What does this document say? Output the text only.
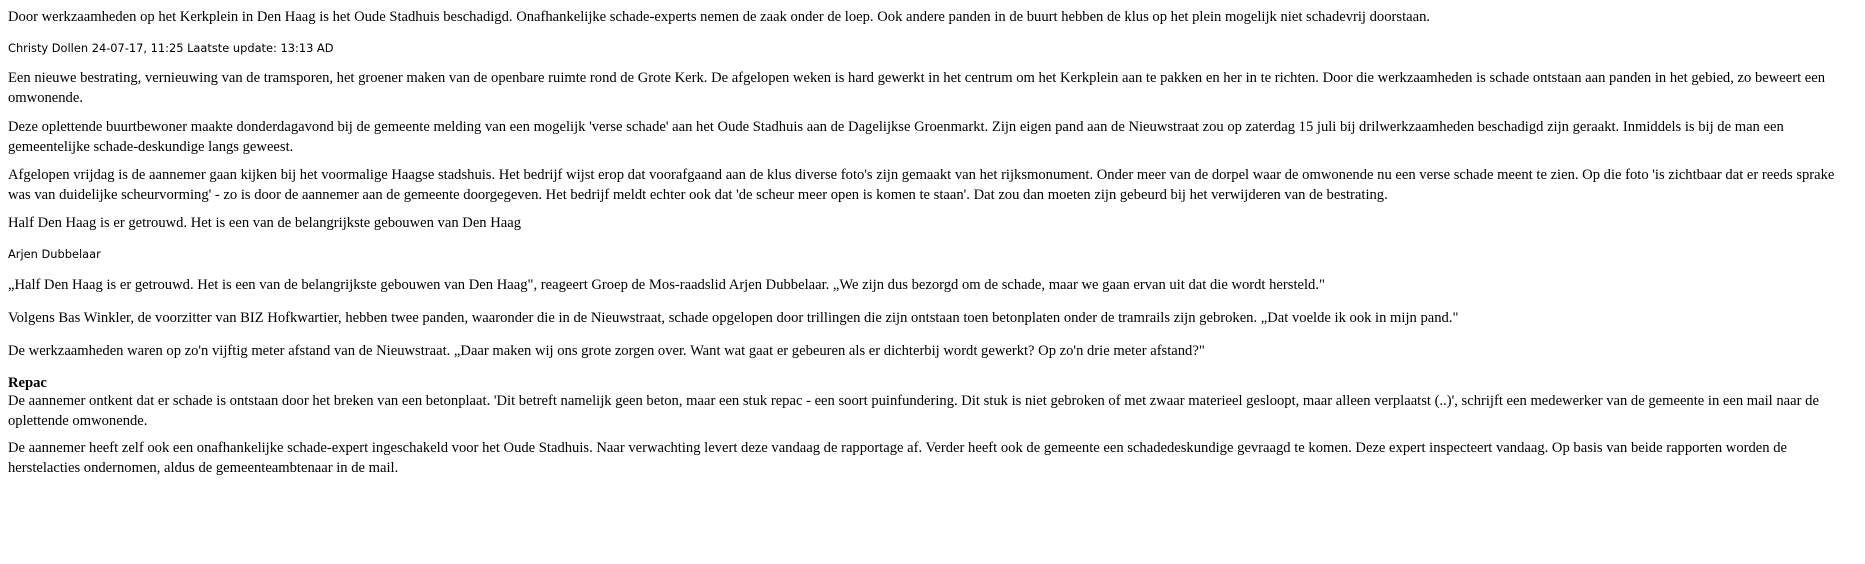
Door werkzaamheden op het Kerkplein in Den Haag is het Oude Stadhuis beschadigd. Onafhankelijke schade-experts nemen de zaak onder de loep. Ook andere panden in de buurt hebben de klus op het plein mogelijk niet schadevrij doorstaan.
Christy Dollen 24-07-17, 11:25 Laatste update: 13:13 AD
Een nieuwe bestrating, vernieuwing van de tramsporen, het groener maken van de openbare ruimte rond de Grote Kerk. De afgelopen weken is hard gewerkt in het centrum om het Kerkplein aan te pakken en her in te richten. Door die werkzaamheden is schade ontstaan aan panden in het gebied, zo beweert een omwonende.
Deze oplettende buurtbewoner maakte donderdagavond bij de gemeente melding van een mogelijk 'verse schade' aan het Oude Stadhuis aan de Dagelijkse Groenmarkt. Zijn eigen pand aan de Nieuwstraat zou op zaterdag 15 juli bij drilwerkzaamheden beschadigd zijn geraakt. Inmiddels is bij de man een gemeentelijke schade-deskundige langs geweest.
Afgelopen vrijdag is de aannemer gaan kijken bij het voormalige Haagse stadshuis. Het bedrijf wijst erop dat voorafgaand aan de klus diverse foto's zijn gemaakt van het rijksmonument. Onder meer van de dorpel waar de omwonende nu een verse schade meent te zien. Op die foto 'is zichtbaar dat er reeds sprake was van duidelijke scheurvorming' - zo is door de aannemer aan de gemeente doorgegeven. Het bedrijf meldt echter ook dat 'de scheur meer open is komen te staan'. Dat zou dan moeten zijn gebeurd bij het verwijderen van de bestrating.
Half Den Haag is er getrouwd. Het is een van de belangrijkste gebouwen van Den Haag
Arjen Dubbelaar
„Half Den Haag is er getrouwd. Het is een van de belangrijkste gebouwen van Den Haag", reageert Groep de Mos-raadslid Arjen Dubbelaar. „We zijn dus bezorgd om de schade, maar we gaan ervan uit dat die wordt hersteld."
Volgens Bas Winkler, de voorzitter van BIZ Hofkwartier, hebben twee panden, waaronder die in de Nieuwstraat, schade opgelopen door trillingen die zijn ontstaan toen betonplaten onder de tramrails zijn gebroken. „Dat voelde ik ook in mijn pand."
De werkzaamheden waren op zo'n vijftig meter afstand van de Nieuwstraat. „Daar maken wij ons grote zorgen over. Want wat gaat er gebeuren als er dichterbij wordt gewerkt? Op zo'n drie meter afstand?"
Repac
De aannemer ontkent dat er schade is ontstaan door het breken van een betonplaat. 'Dit betreft namelijk geen beton, maar een stuk repac - een soort puinfundering. Dit stuk is niet gebroken of met zwaar materieel gesloopt, maar alleen verplaatst (..)', schrijft een medewerker van de gemeente in een mail naar de oplettende omwonende.
De aannemer heeft zelf ook een onafhankelijke schade-expert ingeschakeld voor het Oude Stadhuis. Naar verwachting levert deze vandaag de rapportage af. Verder heeft ook de gemeente een schadedeskundige gevraagd te komen. Deze expert inspecteert vandaag. Op basis van beide rapporten worden de herstelacties ondernomen, aldus de gemeenteambtenaar in de mail.
